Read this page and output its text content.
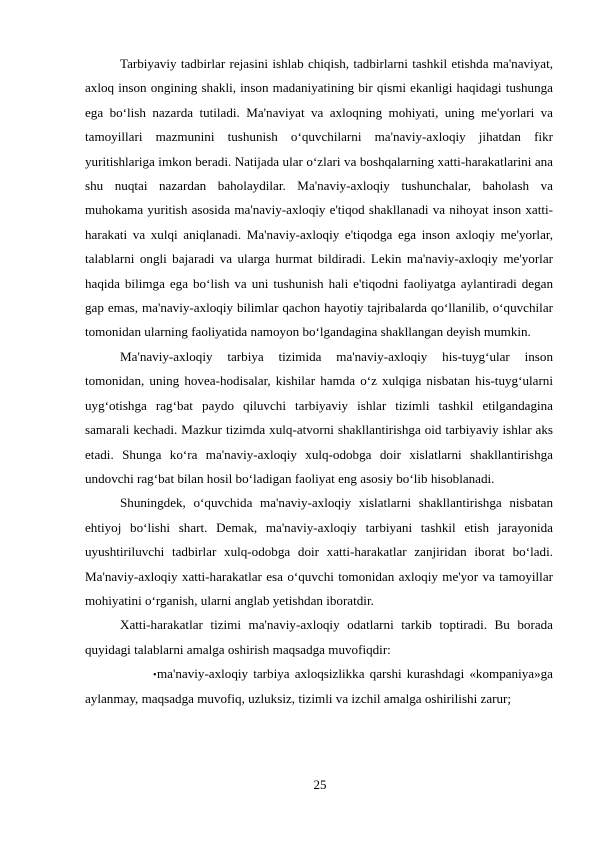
Tarbiyaviy tadbirlar rejasini ishlab chiqish, tadbirlarni tashkil etishda ma'naviyat, axloq inson ongining shakli, inson madaniyatining bir qismi ekanligi haqidagi tushunga ega bo‘lish nazarda tutiladi. Ma'naviyat va axloqning mohiyati, uning me'yorlari va tamoyillari mazmunini tushunish o‘quvchilarni ma'naviy-axloqiy jihatdan fikr yuritishlariga imkon beradi. Natijada ular o‘zlari va boshqalarning xatti-harakatlarini ana shu nuqtai nazardan baholaydilar. Ma'naviy-axloqiy tushunchalar, baholash va muhokama yuritish asosida ma'naviy-axloqiy e'tiqod shakllanadi va nihoyat inson xatti-harakati va xulqi aniqlanadi. Ma'naviy-axloqiy e'tiqodga ega inson axloqiy me'yorlar, talablarni ongli bajaradi va ularga hurmat bildiradi. Lekin ma'naviy-axloqiy me'yorlar haqida bilimga ega bo‘lish va uni tushunish hali e'tiqodni faoliyatga aylantiradi degan gap emas, ma'naviy-axloqiy bilimlar qachon hayotiy tajribalarda qo‘llanilib, o‘quvchilar tomonidan ularning faoliyatida namoyon bo‘lgandagina shakllangan deyish mumkin.

Ma'naviy-axloqiy tarbiya tizimida ma'naviy-axloqiy his-tuyg‘ular inson tomonidan, uning hovea-hodisalar, kishilar hamda o‘z xulqiga nisbatan his-tuyg‘ularni uyg‘otishga rag‘bat paydo qiluvchi tarbiyaviy ishlar tizimli tashkil etilgandagina samarali kechadi. Mazkur tizimda xulq-atvorni shakllantirishga oid tarbiyaviy ishlar aks etadi. Shunga ko‘ra ma'naviy-axloqiy xulq-odobga doir xislatlarni shakllantirishga undovchi rag‘bat bilan hosil bo‘ladigan faoliyat eng asosiy bo‘lib hisoblanadi.

Shuningdek, o‘quvchida ma'naviy-axloqiy xislatlarni shakllantirishga nisbatan ehtiyoj bo‘lishi shart. Demak, ma'naviy-axloqiy tarbiyani tashkil etish jarayonida uyushtiriluvchi tadbirlar xulq-odobga doir xatti-harakatlar zanjiridan iborat bo‘ladi. Ma'naviy-axloqiy xatti-harakatlar esa o‘quvchi tomonidan axloqiy me'yor va tamoyillar mohiyatini o‘rganish, ularni anglab yetishdan iboratdir.

Xatti-harakatlar tizimi ma'naviy-axloqiy odatlarni tarkib toptiradi. Bu borada quyidagi talablarni amalga oshirish maqsadga muvofiqdir:

ma'naviy-axloqiy tarbiya axloqsizlikka qarshi kurashdagi «kompaniya»ga aylanmay, maqsadga muvofiq, uzluksiz, tizimli va izchil amalga oshirilishi zarur;

25
